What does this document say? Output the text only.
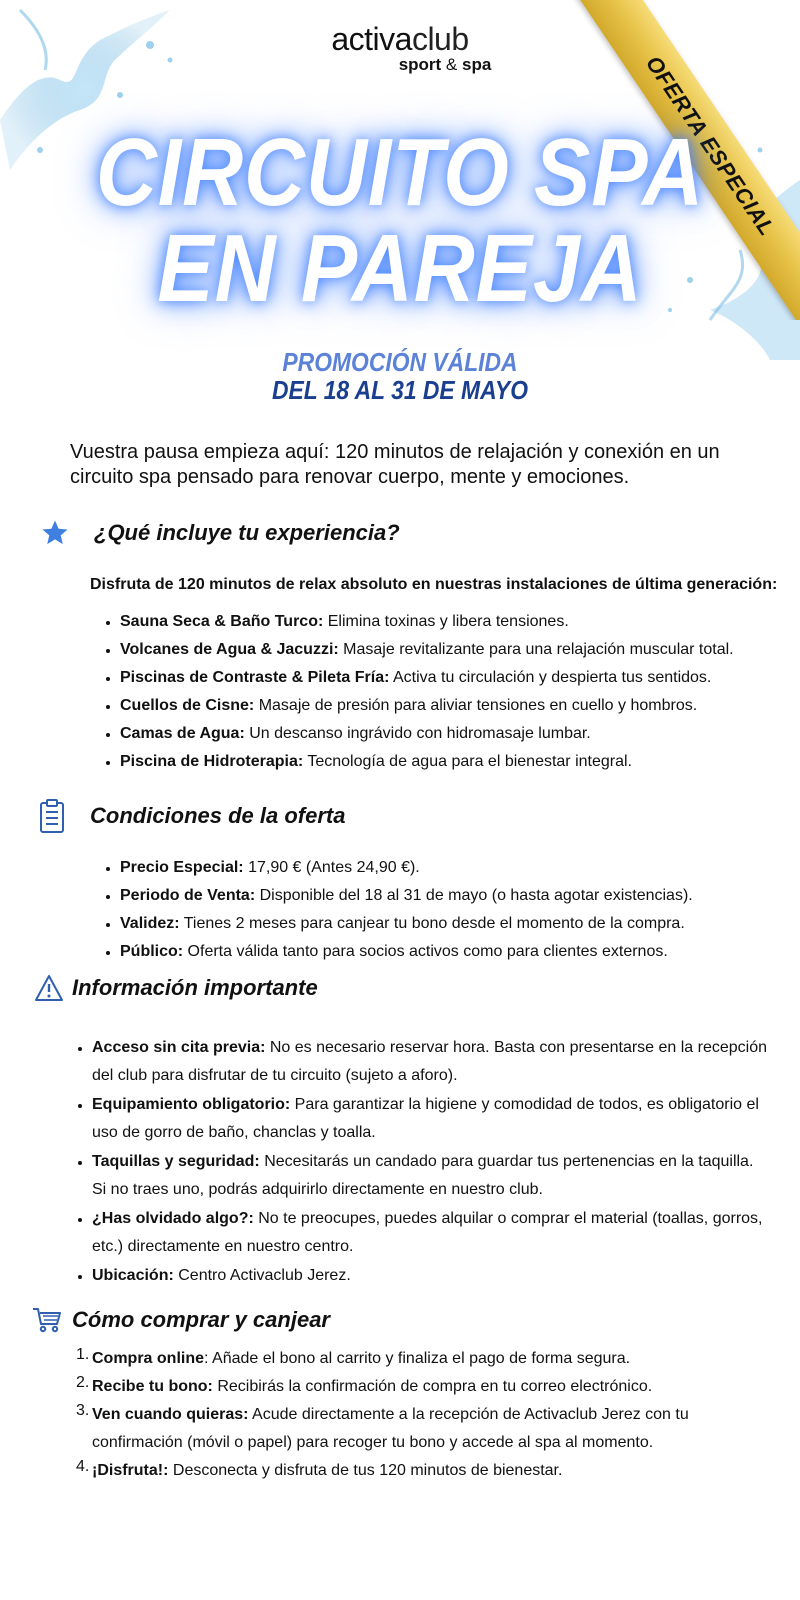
OFERTA ESPECIAL
activaclub
sport & spa
CIRCUITO SPA
EN PAREJA
PROMOCIÓN VÁLIDA
DEL 18 AL 31 DE MAYO

Vuestra pausa empieza aquí: 120 minutos de relajación y conexión en un circuito spa pensado para renovar cuerpo, mente y emociones.

¿Qué incluye tu experiencia?
Disfruta de 120 minutos de relax absoluto en nuestras instalaciones de última generación:
• Sauna Seca & Baño Turco: Elimina toxinas y libera tensiones.
• Volcanes de Agua & Jacuzzi: Masaje revitalizante para una relajación muscular total.
• Piscinas de Contraste & Pileta Fría: Activa tu circulación y despierta tus sentidos.
• Cuellos de Cisne: Masaje de presión para aliviar tensiones en cuello y hombros.
• Camas de Agua: Un descanso ingrávido con hidromasaje lumbar.
• Piscina de Hidroterapia: Tecnología de agua para el bienestar integral.
Condiciones de la oferta
• Precio Especial: 17,90 € (Antes 24,90 €).
• Periodo de Venta: Disponible del 18 al 31 de mayo (o hasta agotar existencias).
• Validez: Tienes 2 meses para canjear tu bono desde el momento de la compra.
• Público: Oferta válida tanto para socios activos como para clientes externos.
Información importante
• Acceso sin cita previa: No es necesario reservar hora. Basta con presentarse en la recepción del club para disfrutar de tu circuito (sujeto a aforo).
• Equipamiento obligatorio: Para garantizar la higiene y comodidad de todos, es obligatorio el uso de gorro de baño, chanclas y toalla.
• Taquillas y seguridad: Necesitarás un candado para guardar tus pertenencias en la taquilla. Si no traes uno, podrás adquirirlo directamente en nuestro club.
• ¿Has olvidado algo?: No te preocupes, puedes alquilar o comprar el material (toallas, gorros, etc.) directamente en nuestro centro.
• Ubicación: Centro Activaclub Jerez.
Cómo comprar y canjear
1. Compra online: Añade el bono al carrito y finaliza el pago de forma segura.
2. Recibe tu bono: Recibirás la confirmación de compra en tu correo electrónico.
3. Ven cuando quieras: Acude directamente a la recepción de Activaclub Jerez con tu confirmación (móvil o papel) para recoger tu bono y accede al spa al momento.
4. ¡Disfruta!: Desconecta y disfruta de tus 120 minutos de bienestar.
